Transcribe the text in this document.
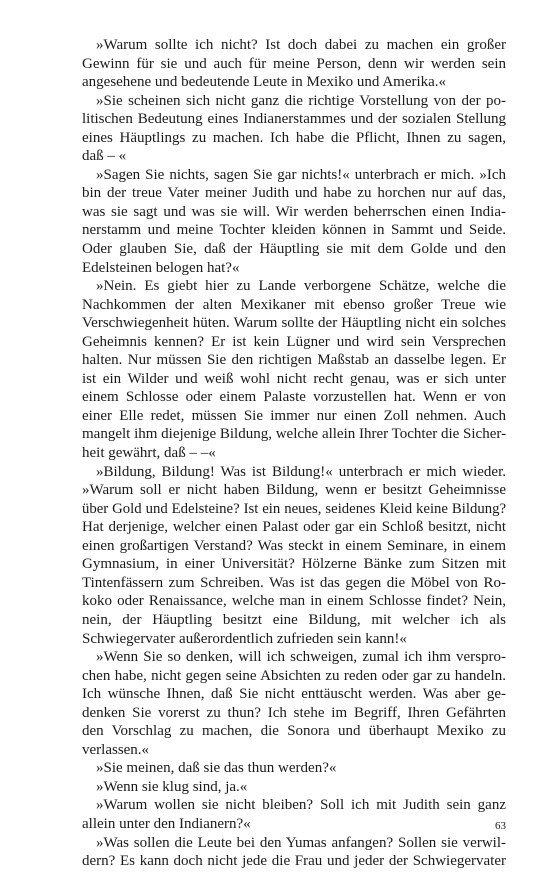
»Warum sollte ich nicht? Ist doch dabei zu machen ein großer
Gewinn für sie und auch für meine Person, denn wir werden sein
angesehene und bedeutende Leute in Mexiko und Amerika.«
»Sie scheinen sich nicht ganz die richtige Vorstellung von der po-
litischen Bedeutung eines Indianerstammes und der sozialen Stellung
eines Häuptlings zu machen. Ich habe die Pflicht, Ihnen zu sagen,
daß – «
»Sagen Sie nichts, sagen Sie gar nichts!« unterbrach er mich. »Ich
bin der treue Vater meiner Judith und habe zu horchen nur auf das,
was sie sagt und was sie will. Wir werden beherrschen einen India-
nerstamm und meine Tochter kleiden können in Sammt und Seide.
Oder glauben Sie, daß der Häuptling sie mit dem Golde und den
Edelsteinen belogen hat?«
»Nein. Es giebt hier zu Lande verborgene Schätze, welche die
Nachkommen der alten Mexikaner mit ebenso großer Treue wie
Verschwiegenheit hüten. Warum sollte der Häuptling nicht ein solches
Geheimnis kennen? Er ist kein Lügner und wird sein Versprechen
halten. Nur müssen Sie den richtigen Maßstab an dasselbe legen. Er
ist ein Wilder und weiß wohl nicht recht genau, was er sich unter
einem Schlosse oder einem Palaste vorzustellen hat. Wenn er von
einer Elle redet, müssen Sie immer nur einen Zoll nehmen. Auch
mangelt ihm diejenige Bildung, welche allein Ihrer Tochter die Sicher-
heit gewährt, daß – –«
»Bildung, Bildung! Was ist Bildung!« unterbrach er mich wieder.
»Warum soll er nicht haben Bildung, wenn er besitzt Geheimnisse
über Gold und Edelsteine? Ist ein neues, seidenes Kleid keine Bildung?
Hat derjenige, welcher einen Palast oder gar ein Schloß besitzt, nicht
einen großartigen Verstand? Was steckt in einem Seminare, in einem
Gymnasium, in einer Universität? Hölzerne Bänke zum Sitzen mit
Tintenfässern zum Schreiben. Was ist das gegen die Möbel von Ro-
koko oder Renaissance, welche man in einem Schlosse findet? Nein,
nein, der Häuptling besitzt eine Bildung, mit welcher ich als
Schwiegervater außerordentlich zufrieden sein kann!«
»Wenn Sie so denken, will ich schweigen, zumal ich ihm verspro-
chen habe, nicht gegen seine Absichten zu reden oder gar zu handeln.
Ich wünsche Ihnen, daß Sie nicht enttäuscht werden. Was aber ge-
denken Sie vorerst zu thun? Ich stehe im Begriff, Ihren Gefährten
den Vorschlag zu machen, die Sonora und überhaupt Mexiko zu
verlassen.«
»Sie meinen, daß sie das thun werden?«
»Wenn sie klug sind, ja.«
»Warum wollen sie nicht bleiben? Soll ich mit Judith sein ganz
allein unter den Indianern?«
»Was sollen die Leute bei den Yumas anfangen? Sollen sie verwil-
dern? Es kann doch nicht jede die Frau und jeder der Schwiegervater
63
